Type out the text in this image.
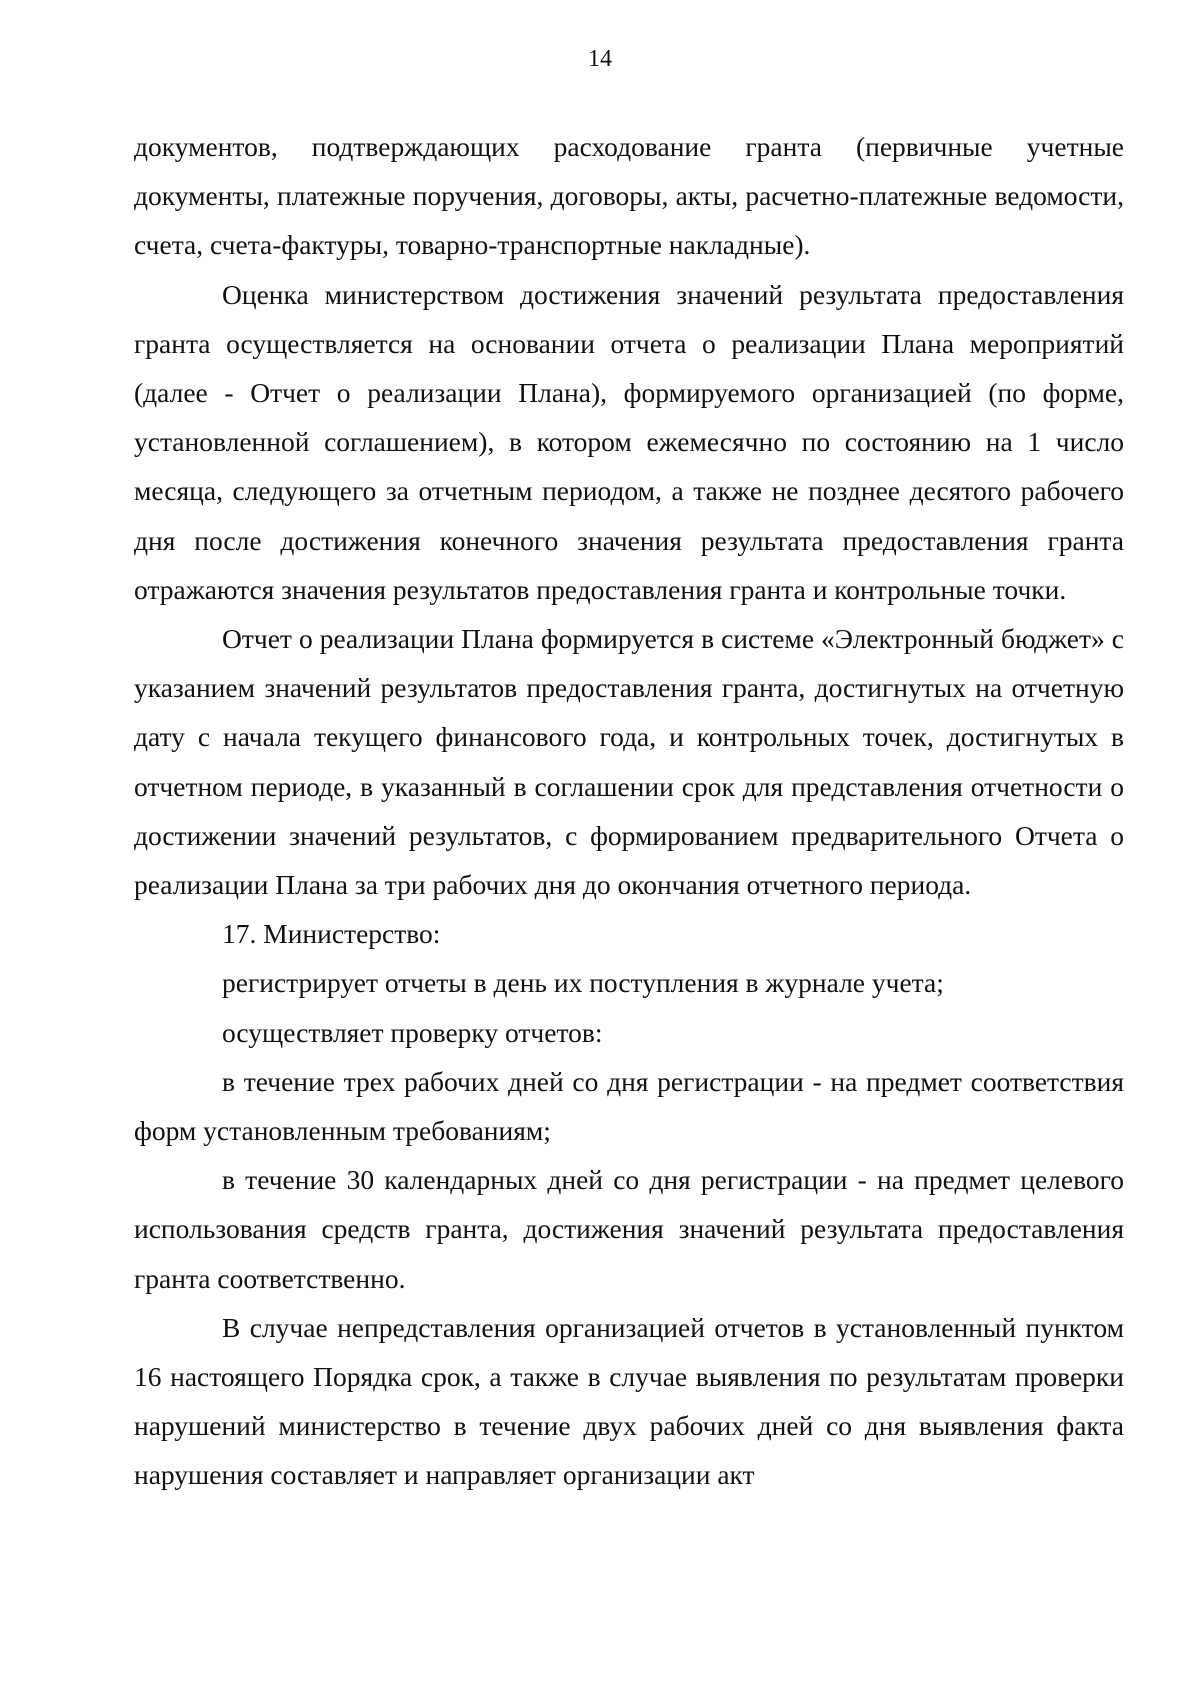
14

документов, подтверждающих расходование гранта (первичные учетные документы, платежные поручения, договоры, акты, расчетно-платежные ведомости, счета, счета-фактуры, товарно-транспортные накладные).

Оценка министерством достижения значений результата предоставления гранта осуществляется на основании отчета о реализации Плана мероприятий (далее - Отчет о реализации Плана), формируемого организацией (по форме, установленной соглашением), в котором ежемесячно по состоянию на 1 число месяца, следующего за отчетным периодом, а также не позднее десятого рабочего дня после достижения конечного значения результата предоставления гранта отражаются значения результатов предоставления гранта и контрольные точки.

Отчет о реализации Плана формируется в системе «Электронный бюджет» с указанием значений результатов предоставления гранта, достигнутых на отчетную дату с начала текущего финансового года, и контрольных точек, достигнутых в отчетном периоде, в указанный в соглашении срок для представления отчетности о достижении значений результатов, с формированием предварительного Отчета о реализации Плана за три рабочих дня до окончания отчетного периода.

17. Министерство:

регистрирует отчеты в день их поступления в журнале учета;

осуществляет проверку отчетов:

в течение трех рабочих дней со дня регистрации - на предмет соответствия форм установленным требованиям;

в течение 30 календарных дней со дня регистрации - на предмет целевого использования средств гранта, достижения значений результата предоставления гранта соответственно.

В случае непредставления организацией отчетов в установленный пунктом 16 настоящего Порядка срок, а также в случае выявления по результатам проверки нарушений министерство в течение двух рабочих дней со дня выявления факта нарушения составляет и направляет организации акт
